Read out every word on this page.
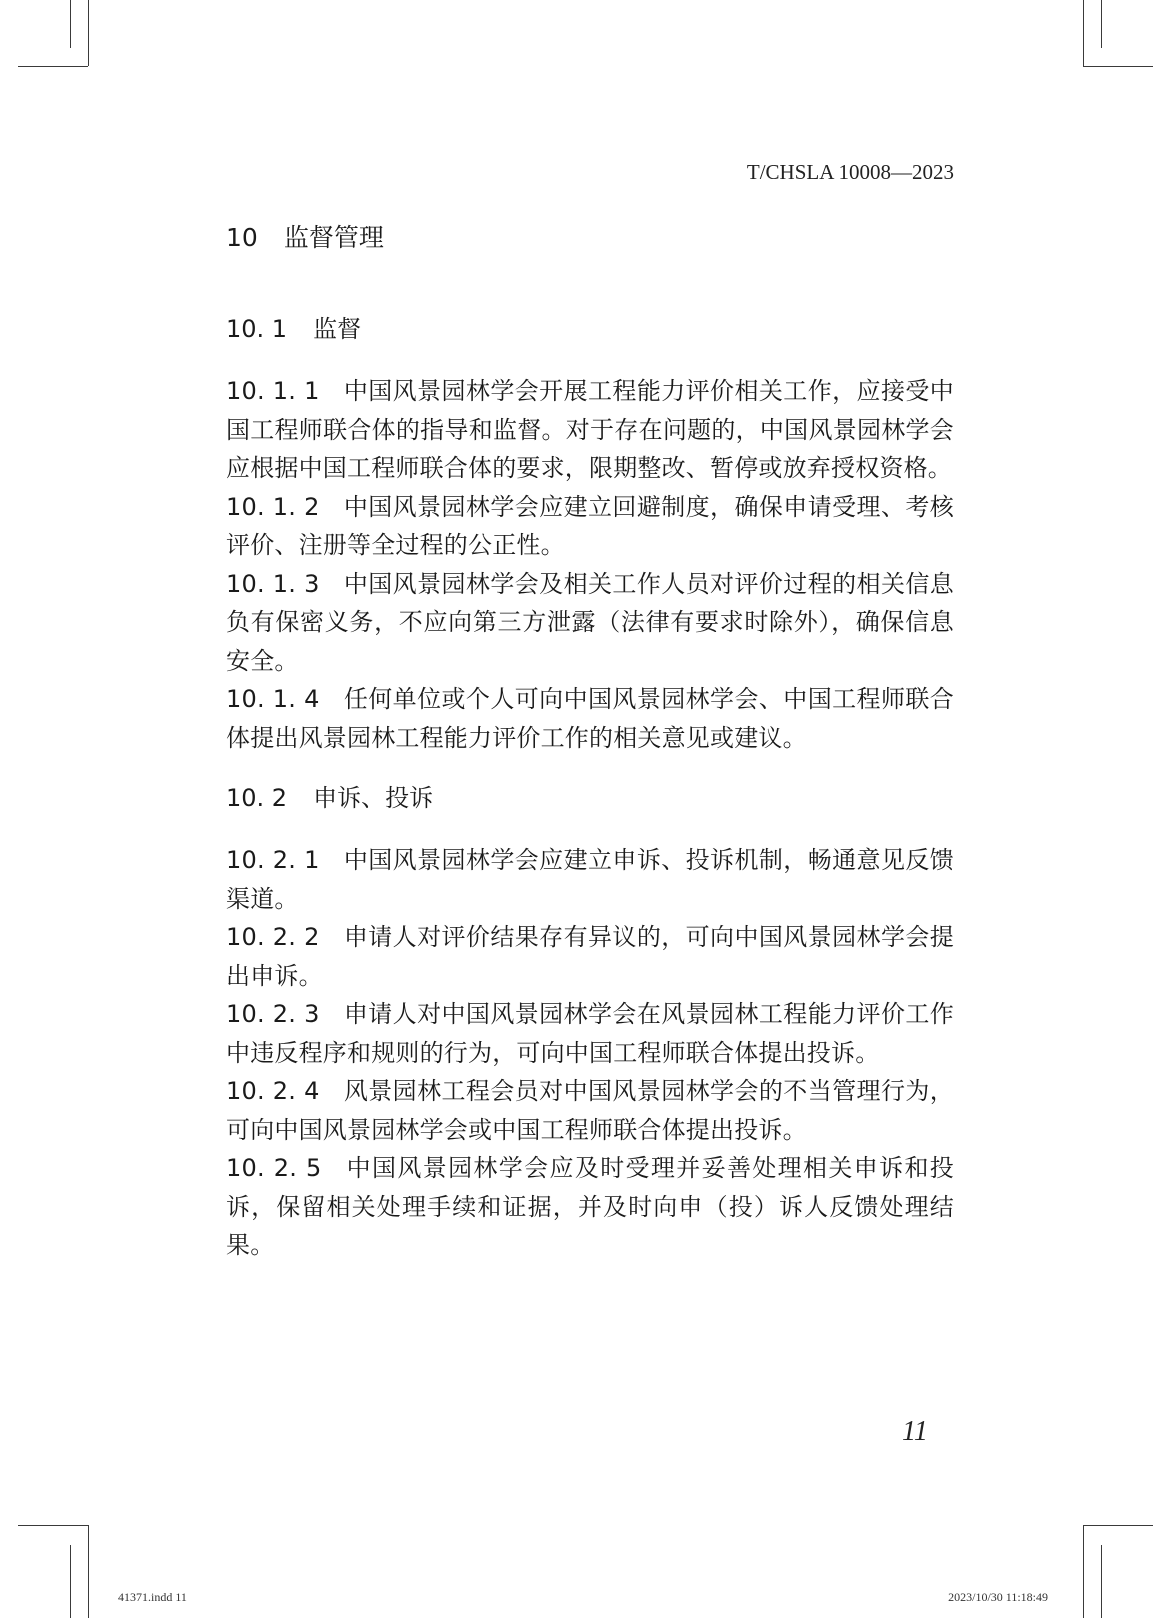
T/CHSLA 10008—2023
10 监督管理
10. 1 监督

10. 1. 1 中国风景园林学会开展工程能力评价相关工作，应接受中国工程师联合体的指导和监督。对于存在问题的，中国风景园林学会应根据中国工程师联合体的要求，限期整改、暂停或放弃授权资格。

10. 1. 2 中国风景园林学会应建立回避制度，确保申请受理、考核评价、注册等全过程的公正性。

10. 1. 3 中国风景园林学会及相关工作人员对评价过程的相关信息负有保密义务，不应向第三方泄露（法律有要求时除外），确保信息安全。

10. 1. 4 任何单位或个人可向中国风景园林学会、中国工程师联合体提出风景园林工程能力评价工作的相关意见或建议。

10. 2 申诉、投诉

10. 2. 1 中国风景园林学会应建立申诉、投诉机制，畅通意见反馈渠道。

10. 2. 2 申请人对评价结果存有异议的，可向中国风景园林学会提出申诉。

10. 2. 3 申请人对中国风景园林学会在风景园林工程能力评价工作中违反程序和规则的行为，可向中国工程师联合体提出投诉。

10. 2. 4 风景园林工程会员对中国风景园林学会的不当管理行为，可向中国风景园林学会或中国工程师联合体提出投诉。

10. 2. 5 中国风景园林学会应及时受理并妥善处理相关申诉和投诉，保留相关处理手续和证据，并及时向申（投）诉人反馈处理结果。

11
41371.indd 11	2023/10/30 11:18:49
